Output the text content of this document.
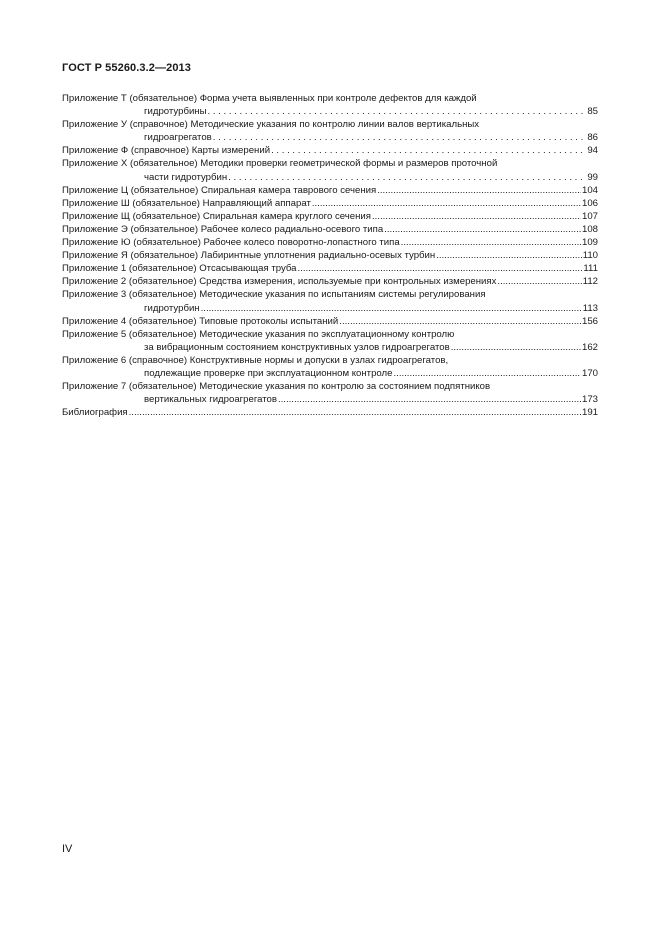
ГОСТ Р 55260.3.2—2013
Приложение Т (обязательное) Форма учета выявленных при контроле дефектов для каждой
гидротурбины . . .	85
Приложение У (справочное) Методические указания по контролю линии валов вертикальных
гидроагрегатов . . .	86
Приложение Ф (справочное) Карты измерений . . .	94
Приложение Х (обязательное) Методики проверки геометрической формы и размеров проточной
части гидротурбин . . .	99
Приложение Ц (обязательное) Спиральная камера таврового сечения .....	104
Приложение Ш (обязательное) Направляющий аппарат .....	106
Приложение Щ (обязательное) Спиральная камера круглого сечения .....	107
Приложение Э (обязательное) Рабочее колесо радиально-осевого типа .....	108
Приложение Ю (обязательное) Рабочее колесо поворотно-лопастного типа .....	109
Приложение Я (обязательное) Лабиринтные уплотнения радиально-осевых турбин .....	110
Приложение 1 (обязательное) Отсасывающая труба .....	111
Приложение 2 (обязательное) Средства измерения, используемые при контрольных измерениях .....	112
Приложение 3 (обязательное) Методические указания по испытаниям системы регулирования
гидротурбин .....	113
Приложение 4 (обязательное) Типовые протоколы испытаний .....	156
Приложение 5 (обязательное) Методические указания по эксплуатационному контролю
за вибрационным состоянием конструктивных узлов гидроагрегатов .....	162
Приложение 6 (справочное) Конструктивные нормы и допуски в узлах гидроагрегатов,
подлежащие проверке при эксплуатационном контроле .....	170
Приложение 7 (обязательное) Методические указания по контролю за состоянием подпятников
вертикальных гидроагрегатов .....	173
Библиография .....	191
IV
